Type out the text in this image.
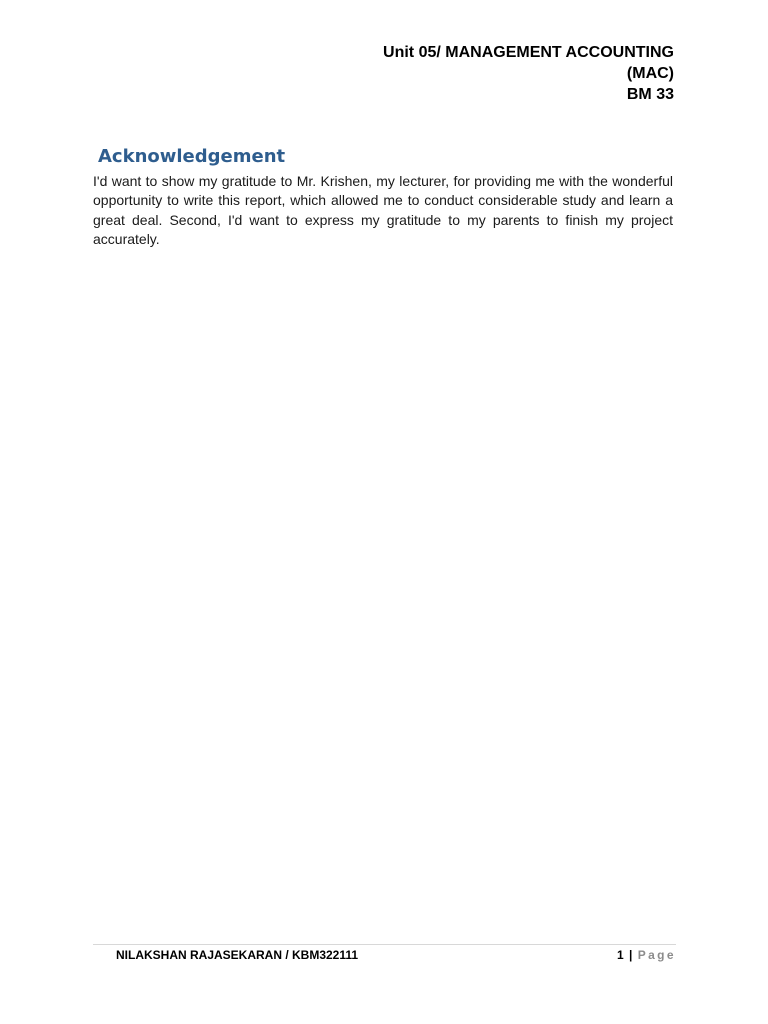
Unit 05/ MANAGEMENT ACCOUNTING
(MAC)
BM 33
Acknowledgement

I'd want to show my gratitude to Mr. Krishen, my lecturer, for providing me with the wonderful opportunity to write this report, which allowed me to conduct considerable study and learn a great deal. Second, I'd want to express my gratitude to my parents to finish my project accurately.

NILAKSHAN RAJASEKARAN / KBM322111	1 | Page
